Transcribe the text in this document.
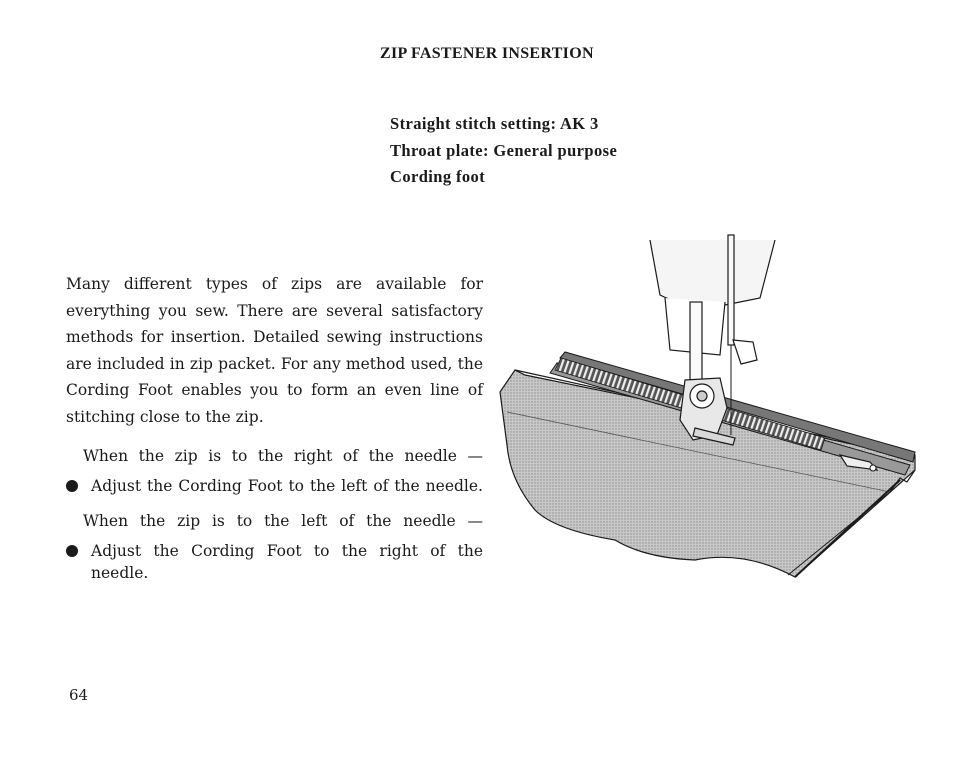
ZIP FASTENER INSERTION
Straight stitch setting: AK 3
Throat plate: General purpose
Cording foot
Many different types of zips are available for everything you sew. There are several satisfactory methods for insertion. Detailed sewing instructions are included in zip packet. For any method used, the Cording Foot enables you to form an even line of stitching close to the zip.
When the zip is to the right of the needle —
Adjust the Cording Foot to the left of the needle.
When the zip is to the left of the needle —
Adjust the Cording Foot to the right of the needle.
64
